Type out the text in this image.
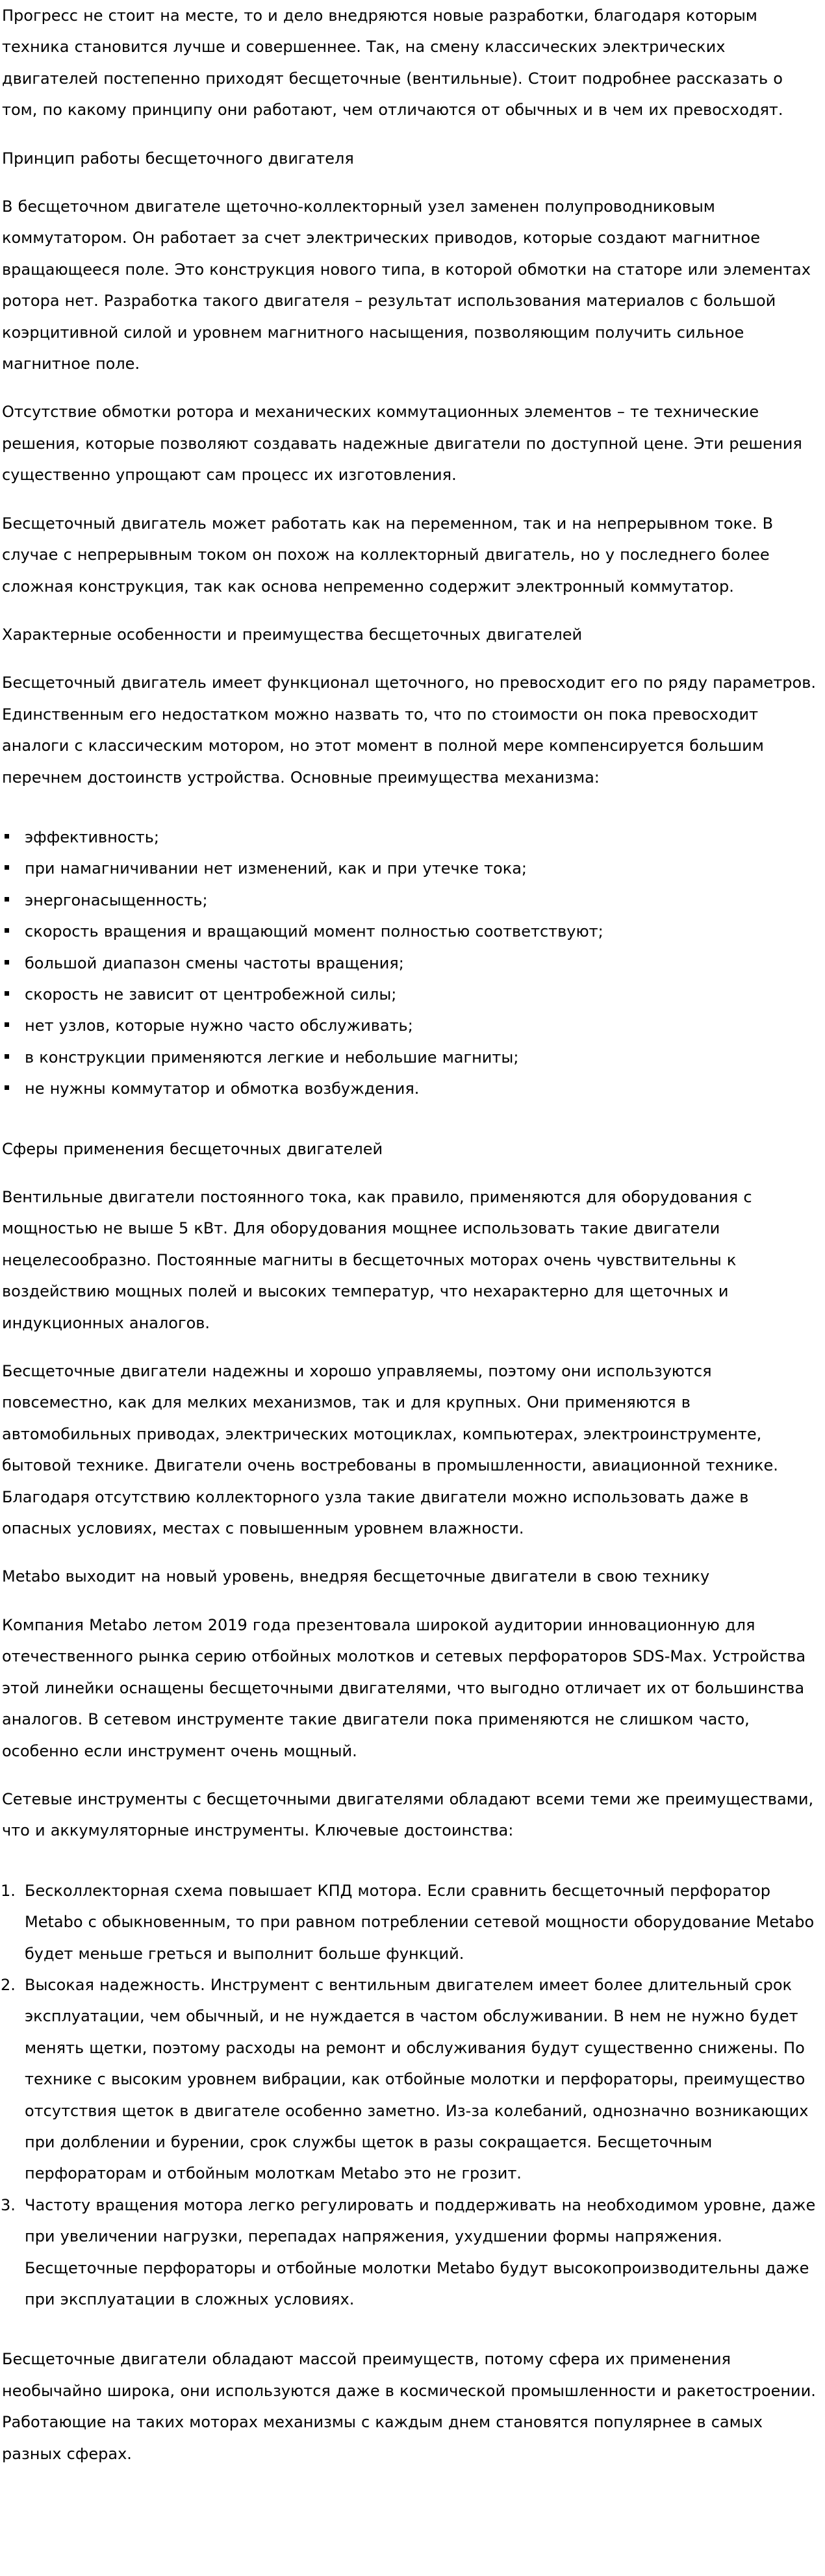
Прогресс не стоит на месте, то и дело внедряются новые разработки, благодаря которым техника становится лучше и совершеннее. Так, на смену классических электрических двигателей постепенно приходят бесщеточные (вентильные). Стоит подробнее рассказать о том, по какому принципу они работают, чем отличаются от обычных и в чем их превосходят.

Принцип работы бесщеточного двигателя

В бесщеточном двигателе щеточно-коллекторный узел заменен полупроводниковым коммутатором. Он работает за счет электрических приводов, которые создают магнитное вращающееся поле. Это конструкция нового типа, в которой обмотки на статоре или элементах ротора нет. Разработка такого двигателя – результат использования материалов с большой коэрцитивной силой и уровнем магнитного насыщения, позволяющим получить сильное магнитное поле.

Отсутствие обмотки ротора и механических коммутационных элементов – те технические решения, которые позволяют создавать надежные двигатели по доступной цене. Эти решения существенно упрощают сам процесс их изготовления.

Бесщеточный двигатель может работать как на переменном, так и на непрерывном токе. В случае с непрерывным током он похож на коллекторный двигатель, но у последнего более сложная конструкция, так как основа непременно содержит электронный коммутатор.

Характерные особенности и преимущества бесщеточных двигателей

Бесщеточный двигатель имеет функционал щеточного, но превосходит его по ряду параметров. Единственным его недостатком можно назвать то, что по стоимости он пока превосходит аналоги с классическим мотором, но этот момент в полной мере компенсируется большим перечнем достоинств устройства. Основные преимущества механизма:

эффективность;
при намагничивании нет изменений, как и при утечке тока;
энергонасыщенность;
скорость вращения и вращающий момент полностью соответствуют;
большой диапазон смены частоты вращения;
скорость не зависит от центробежной силы;
нет узлов, которые нужно часто обслуживать;
в конструкции применяются легкие и небольшие магниты;
не нужны коммутатор и обмотка возбуждения.

Сферы применения бесщеточных двигателей

Вентильные двигатели постоянного тока, как правило, применяются для оборудования с мощностью не выше 5 кВт. Для оборудования мощнее использовать такие двигатели нецелесообразно. Постоянные магниты в бесщеточных моторах очень чувствительны к воздействию мощных полей и высоких температур, что нехарактерно для щеточных и индукционных аналогов.

Бесщеточные двигатели надежны и хорошо управляемы, поэтому они используются повсеместно, как для мелких механизмов, так и для крупных. Они применяются в автомобильных приводах, электрических мотоциклах, компьютерах, электроинструменте, бытовой технике. Двигатели очень востребованы в промышленности, авиационной технике. Благодаря отсутствию коллекторного узла такие двигатели можно использовать даже в опасных условиях, местах с повышенным уровнем влажности.

Metabo выходит на новый уровень, внедряя бесщеточные двигатели в свою технику

Компания Metabo летом 2019 года презентовала широкой аудитории инновационную для отечественного рынка серию отбойных молотков и сетевых перфораторов SDS-Max. Устройства этой линейки оснащены бесщеточными двигателями, что выгодно отличает их от большинства аналогов. В сетевом инструменте такие двигатели пока применяются не слишком часто, особенно если инструмент очень мощный.

Сетевые инструменты с бесщеточными двигателями обладают всеми теми же преимуществами, что и аккумуляторные инструменты. Ключевые достоинства:

Бесколлекторная схема повышает КПД мотора. Если сравнить бесщеточный перфоратор Metabo с обыкновенным, то при равном потреблении сетевой мощности оборудование Metabo будет меньше греться и выполнит больше функций.
Высокая надежность. Инструмент с вентильным двигателем имеет более длительный срок эксплуатации, чем обычный, и не нуждается в частом обслуживании. В нем не нужно будет менять щетки, поэтому расходы на ремонт и обслуживания будут существенно снижены. По технике с высоким уровнем вибрации, как отбойные молотки и перфораторы, преимущество отсутствия щеток в двигателе особенно заметно. Из-за колебаний, однозначно возникающих при долблении и бурении, срок службы щеток в разы сокращается. Бесщеточным перфораторам и отбойным молоткам Metabo это не грозит.
Частоту вращения мотора легко регулировать и поддерживать на необходимом уровне, даже при увеличении нагрузки, перепадах напряжения, ухудшении формы напряжения. Бесщеточные перфораторы и отбойные молотки Metabo будут высокопроизводительны даже при эксплуатации в сложных условиях.

Бесщеточные двигатели обладают массой преимуществ, потому сфера их применения необычайно широка, они используются даже в космической промышленности и ракетостроении. Работающие на таких моторах механизмы с каждым днем становятся популярнее в самых разных сферах.
